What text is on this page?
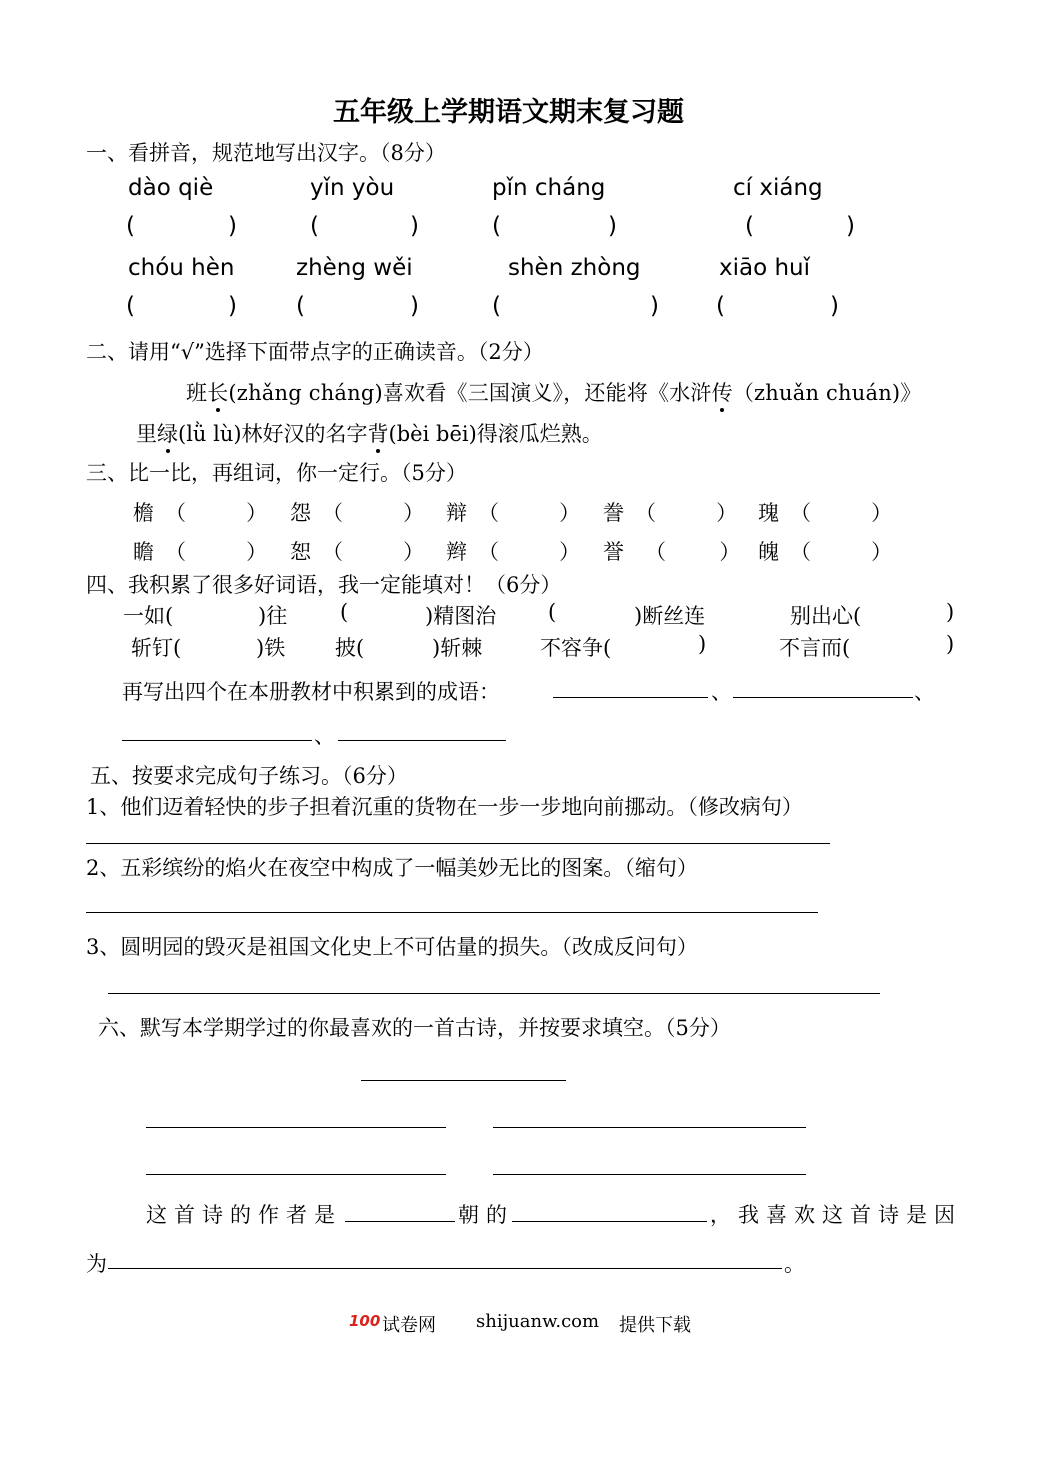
五年级上学期语文期末复习题
一、看拼音，规范地写出汉字。（8分）
dào qiè	yǐn yòu	pǐn cháng	cí xiáng
(	)	(	)	(	)	(	)
chóu hèn	zhèng wěi	shèn zhòng	xiāo huǐ
(	)	(	)	(	) (	)
二、请用“√”选择下面带点字的正确读音。（2分）
班长(zhǎng cháng)喜欢看《三国演义》，还能将《水浒传（zhuǎn chuán)》
里绿(lǜ lù)林好汉的名字背(bèi bēi)得滚瓜烂熟。
三、比一比，再组词，你一定行。（5分）
檐 （         ） 怨 （         ） 辩 （         ） 誊 （         ） 瑰 （         ）
瞻 （         ） 恕 （         ） 辫 （         ） 誉 （        ） 魄 （         ）
四、我积累了很多好词语，我一定能填对！（6分）
一如(	)往	(	)精图治 (	)断丝连	别出心(	)
斩钉(	)铁 披(	)斩棘	不容争(	)	不言而(	)
再写出四个在本册教材中积累到的成语：	、	、
、
五、按要求完成句子练习。（6分）
1、他们迈着轻快的步子担着沉重的货物在一步一步地向前挪动。（修改病句）
2、五彩缤纷的焰火在夜空中构成了一幅美妙无比的图案。（缩句）
3、圆明园的毁灭是祖国文化史上不可估量的损失。（改成反问句）
六、默写本学期学过的你最喜欢的一首古诗，并按要求填空。（5分）
这首诗的作者是	朝的	，我喜欢这首诗是因
为	。
100 试卷网 shijuanw.com 提供下载
